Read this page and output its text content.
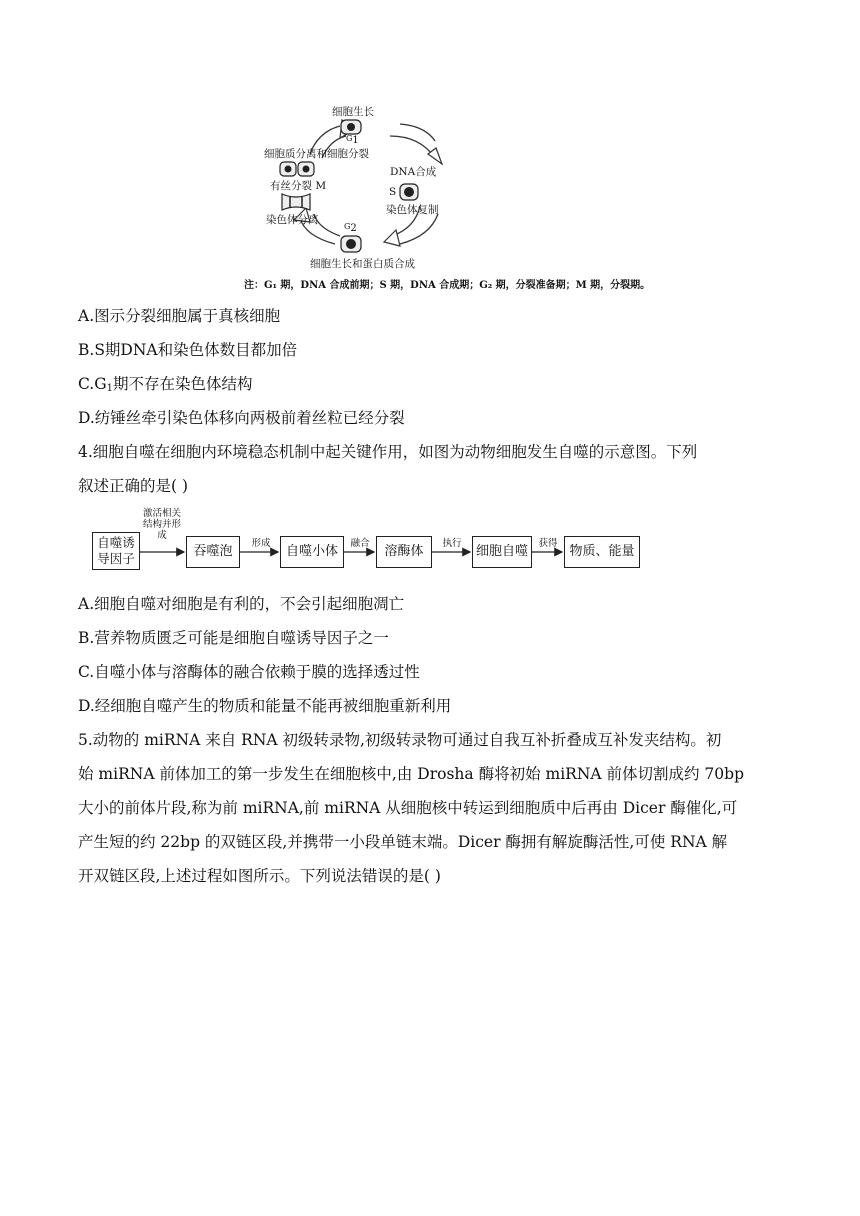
细胞生长
$G_1$
细胞质分离和细胞分裂
有丝分裂 M
染色体分离
DNA合成
S
染色体复制
$G_2$
细胞生长和蛋白质合成
注：G₁ 期，DNA 合成前期；S 期，DNA 合成期；G₂ 期，分裂准备期；M 期，分裂期。
A.图示分裂细胞属于真核细胞
B.S期DNA和染色体数目都加倍
$C.G_1$期不存在染色体结构
D.纺锤丝牵引染色体移向两极前着丝粒已经分裂
4.细胞自噬在细胞内环境稳态机制中起关键作用，如图为动物细胞发生自噬的示意图。下列
叙述正确的是( )
自噬诱导因子
激活相关结构并形成
吞噬泡
形成
自噬小体
融合
溶酶体
执行
细胞自噬
获得
物质、能量
A.细胞自噬对细胞是有利的，不会引起细胞凋亡
B.营养物质匮乏可能是细胞自噬诱导因子之一
C.自噬小体与溶酶体的融合依赖于膜的选择透过性
D.经细胞自噬产生的物质和能量不能再被细胞重新利用
5.动物的 miRNA 来自 RNA 初级转录物,初级转录物可通过自我互补折叠成互补发夹结构。初
始 miRNA 前体加工的第一步发生在细胞核中,由 Drosha 酶将初始 miRNA 前体切割成约 70bp
大小的前体片段,称为前 miRNA,前 miRNA 从细胞核中转运到细胞质中后再由 Dicer 酶催化,可
产生短的约 22bp 的双链区段,并携带一小段单链末端。Dicer 酶拥有解旋酶活性,可使 RNA 解
开双链区段,上述过程如图所示。下列说法错误的是( )
